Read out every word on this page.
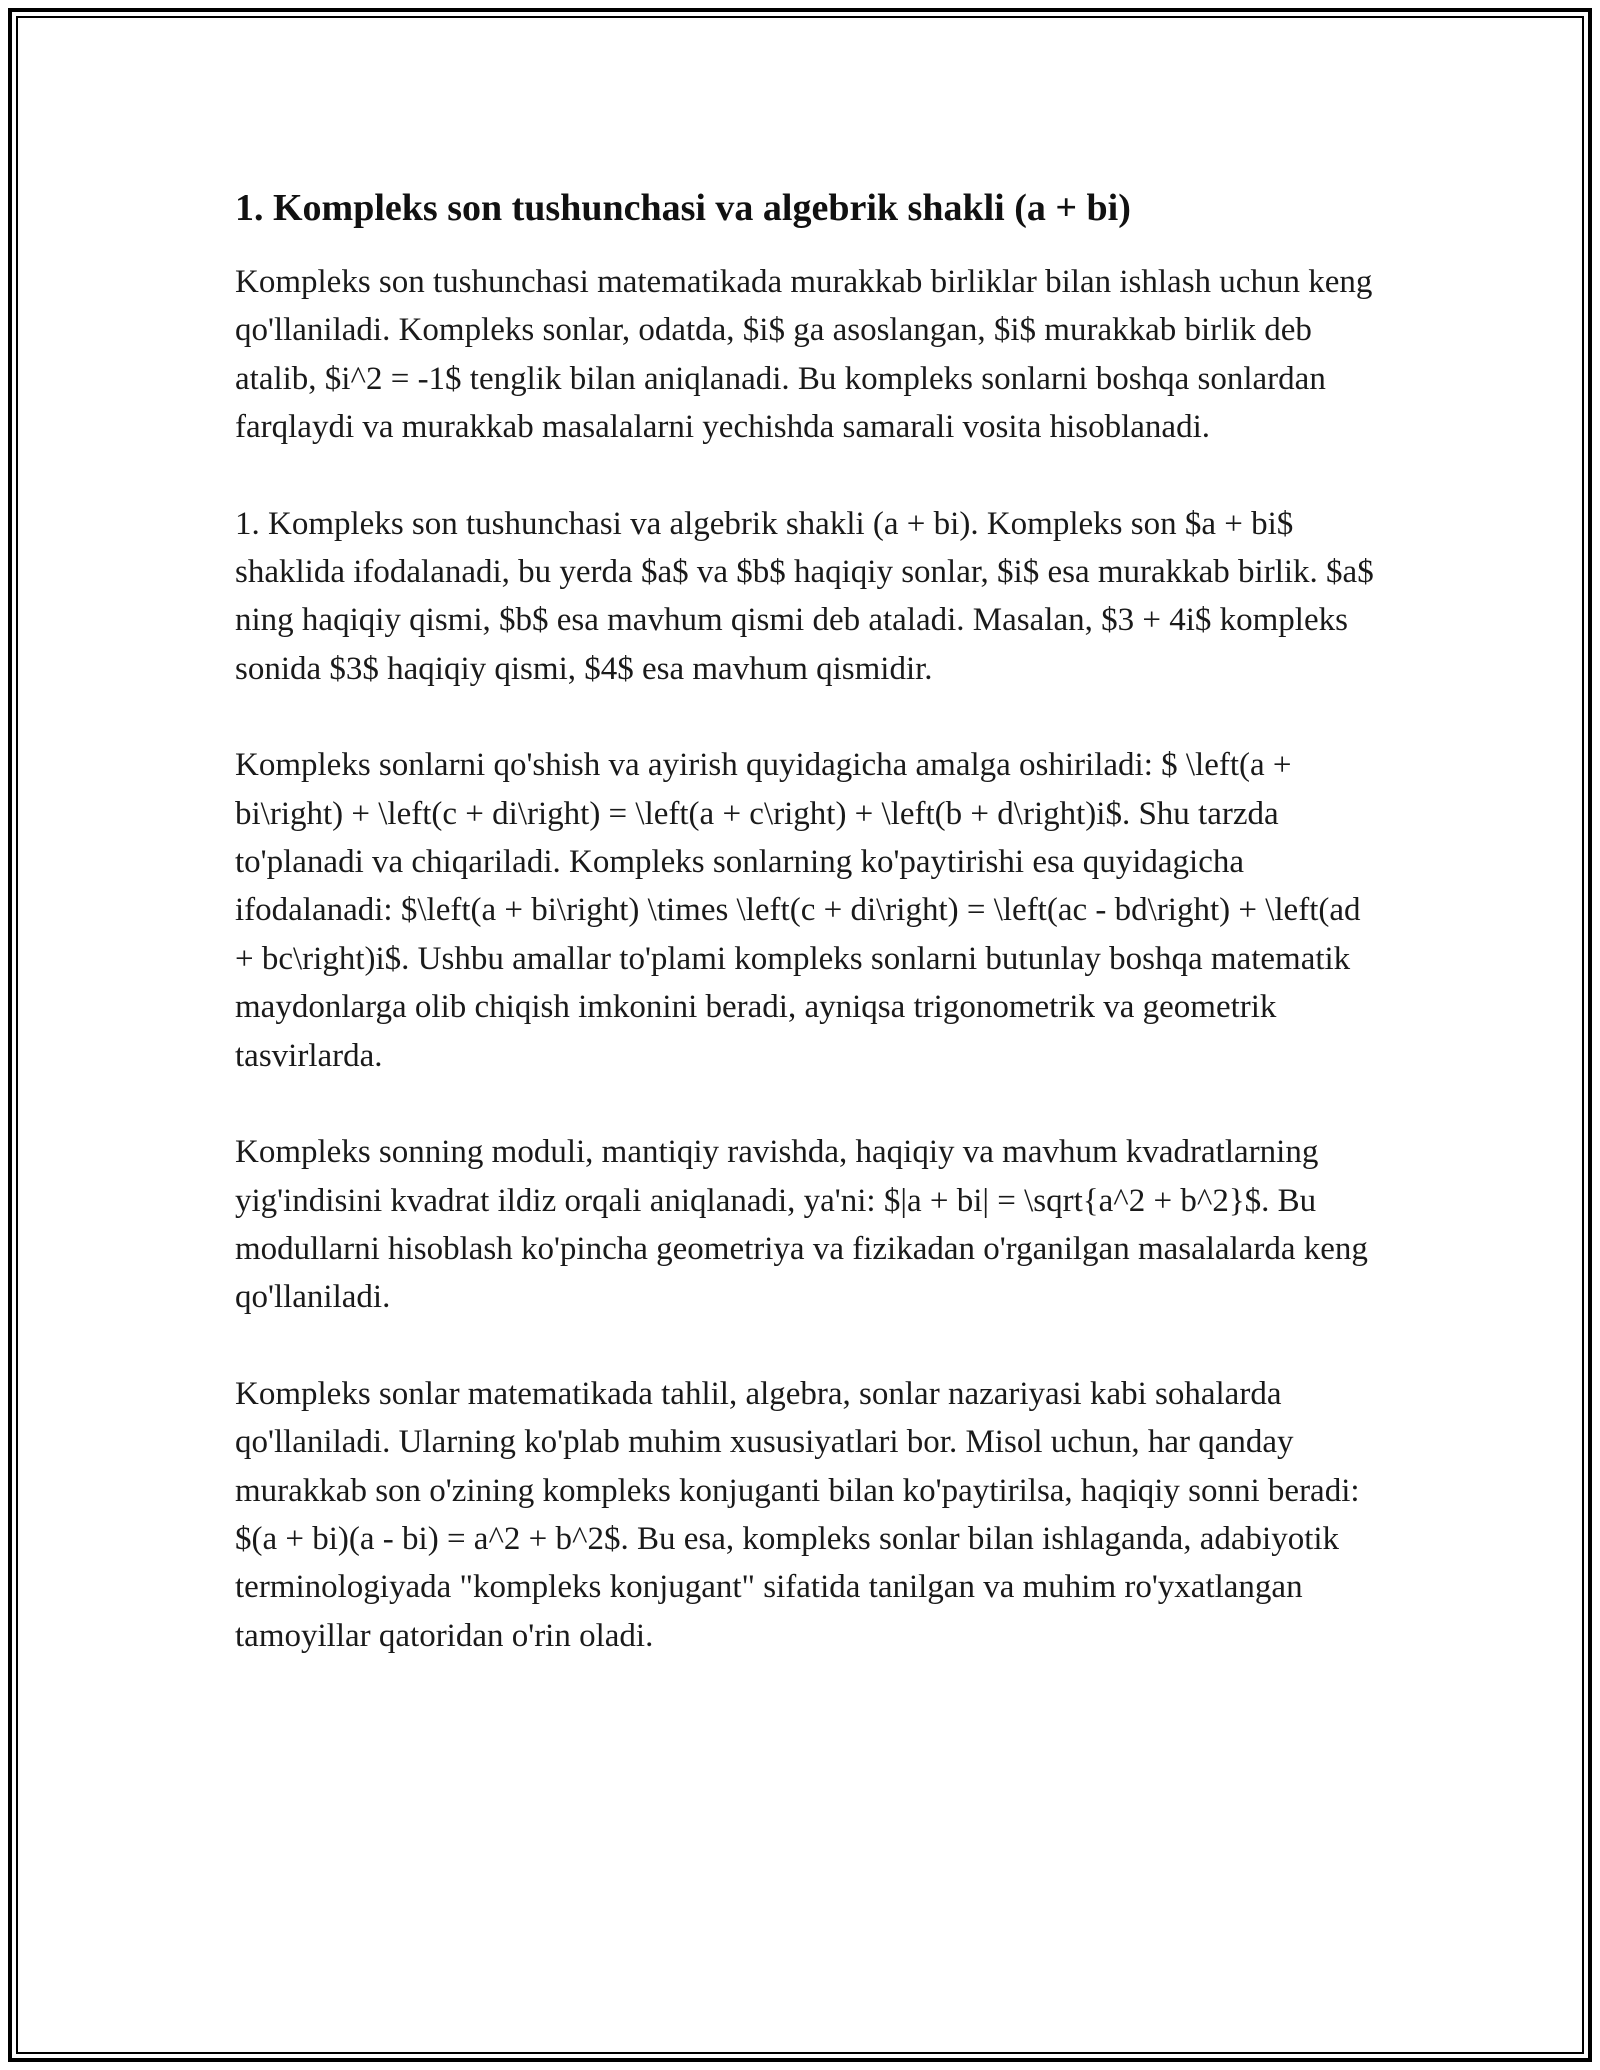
1. Kompleks son tushunchasi va algebrik shakli (a + bi)

Kompleks son tushunchasi matematikada murakkab birliklar bilan ishlash uchun keng qo'llaniladi. Kompleks sonlar, odatda, $i$ ga asoslangan, $i$ murakkab birlik deb atalib, $i^2 = -1$ tenglik bilan aniqlanadi. Bu kompleks sonlarni boshqa sonlardan farqlaydi va murakkab masalalarni yechishda samarali vosita hisoblanadi.

1. Kompleks son tushunchasi va algebrik shakli (a + bi). Kompleks son $a + bi$ shaklida ifodalanadi, bu yerda $a$ va $b$ haqiqiy sonlar, $i$ esa murakkab birlik. $a$ ning haqiqiy qismi, $b$ esa mavhum qismi deb ataladi. Masalan, $3 + 4i$ kompleks sonida $3$ haqiqiy qismi, $4$ esa mavhum qismidir.

Kompleks sonlarni qo'shish va ayirish quyidagicha amalga oshiriladi: $ \left(a + bi\right) + \left(c + di\right) = \left(a + c\right) + \left(b + d\right)i$. Shu tarzda to'planadi va chiqariladi. Kompleks sonlarning ko'paytirishi esa quyidagicha ifodalanadi: $\left(a + bi\right) \times \left(c + di\right) = \left(ac - bd\right) + \left(ad + bc\right)i$. Ushbu amallar to'plami kompleks sonlarni butunlay boshqa matematik maydonlarga olib chiqish imkonini beradi, ayniqsa trigonometrik va geometrik tasvirlarda.

Kompleks sonning moduli, mantiqiy ravishda, haqiqiy va mavhum kvadratlarning yig'indisini kvadrat ildiz orqali aniqlanadi, ya'ni: $|a + bi| = \sqrt{a^2 + b^2}$. Bu modullarni hisoblash ko'pincha geometriya va fizikadan o'rganilgan masalalarda keng qo'llaniladi.

Kompleks sonlar matematikada tahlil, algebra, sonlar nazariyasi kabi sohalarda qo'llaniladi. Ularning ko'plab muhim xususiyatlari bor. Misol uchun, har qanday murakkab son o'zining kompleks konjuganti bilan ko'paytirilsa, haqiqiy sonni beradi: $(a + bi)(a - bi) = a^2 + b^2$. Bu esa, kompleks sonlar bilan ishlaganda, adabiyotik terminologiyada "kompleks konjugant" sifatida tanilgan va muhim ro'yxatlangan tamoyillar qatoridan o'rin oladi.
